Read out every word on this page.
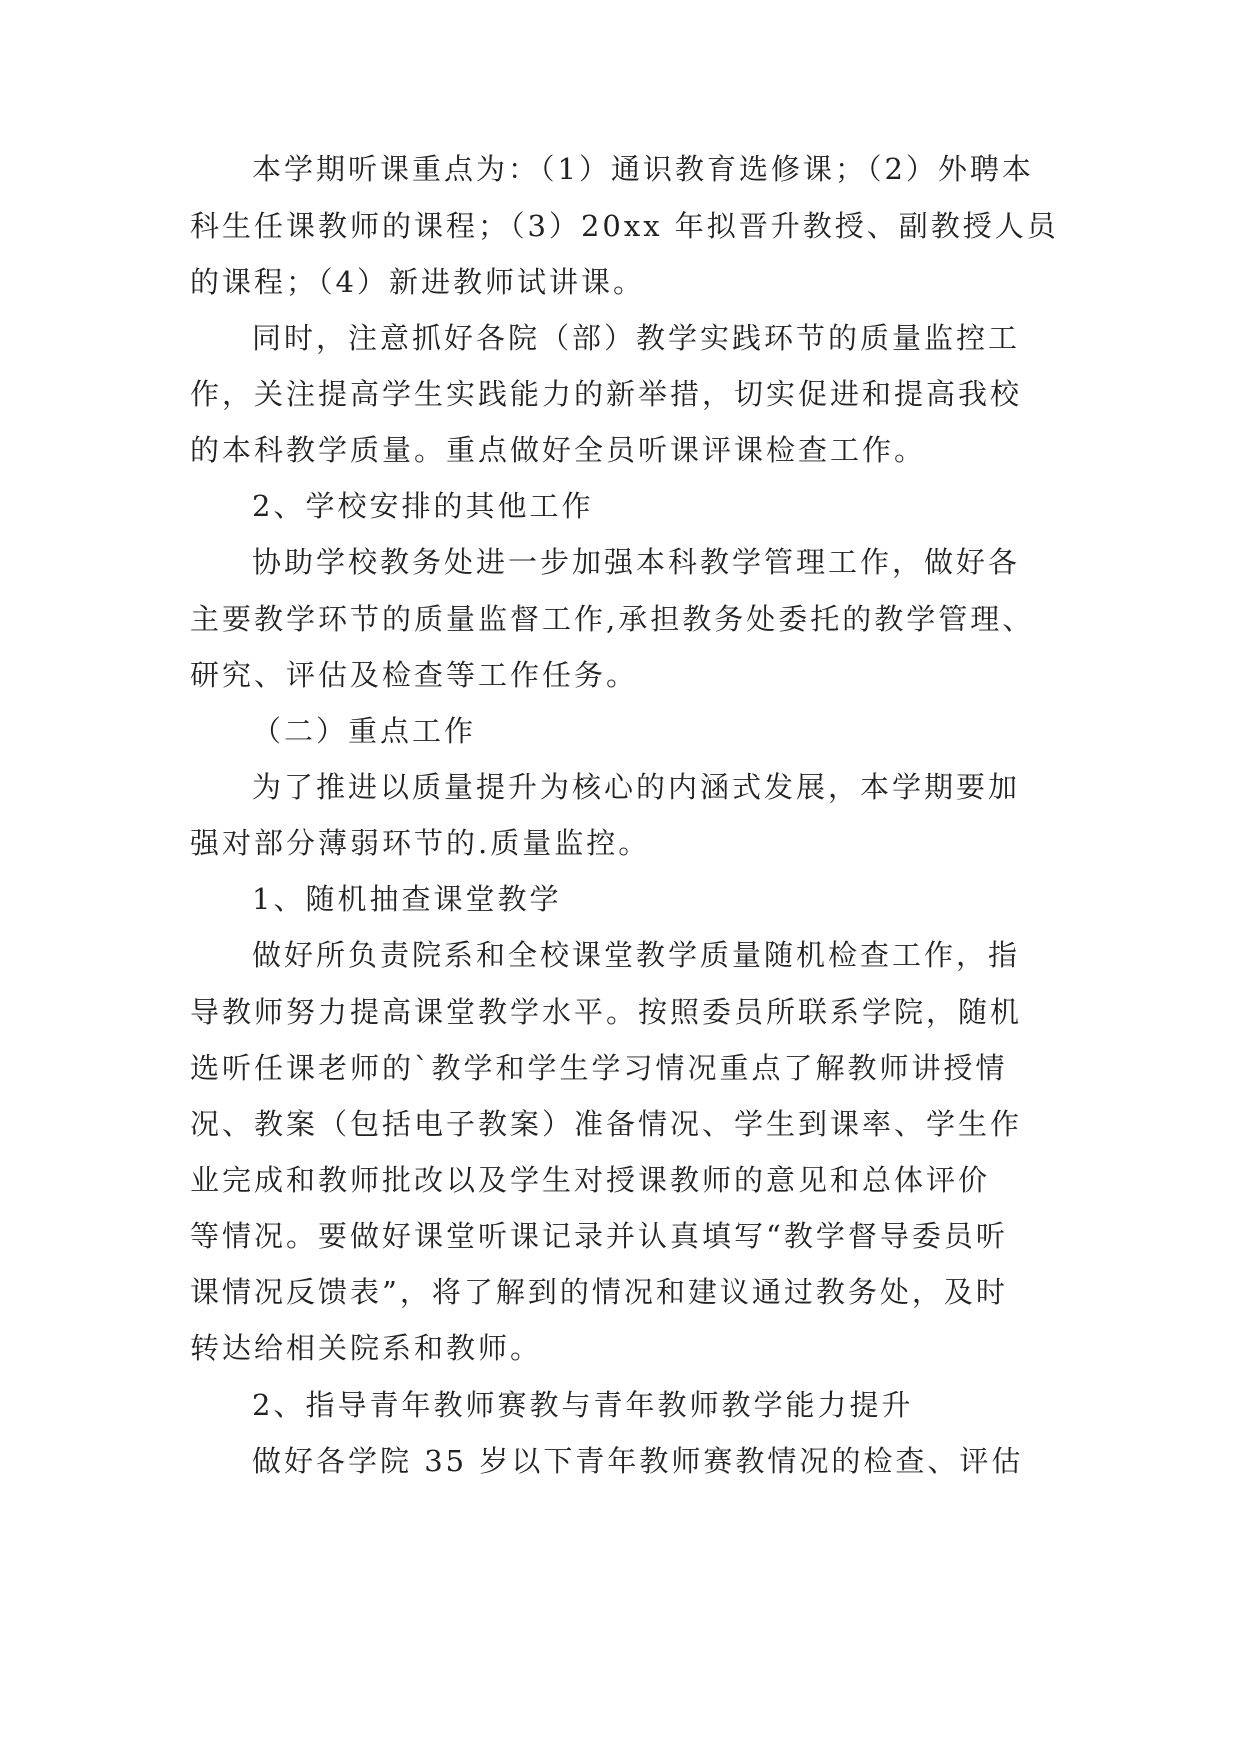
本学期听课重点为：（1）通识教育选修课；（2）外聘本

科生任课教师的课程；（3）20xx 年拟晋升教授、副教授人员

的课程；（4）新进教师试讲课。

同时，注意抓好各院（部）教学实践环节的质量监控工

作，关注提高学生实践能力的新举措，切实促进和提高我校

的本科教学质量。重点做好全员听课评课检查工作。

2、学校安排的其他工作

协助学校教务处进一步加强本科教学管理工作，做好各

主要教学环节的质量监督工作,承担教务处委托的教学管理、

研究、评估及检查等工作任务。

（二）重点工作

为了推进以质量提升为核心的内涵式发展，本学期要加

强对部分薄弱环节的.质量监控。

1、随机抽查课堂教学

做好所负责院系和全校课堂教学质量随机检查工作，指

导教师努力提高课堂教学水平。按照委员所联系学院，随机

选听任课老师的`教学和学生学习情况重点了解教师讲授情

况、教案（包括电子教案）准备情况、学生到课率、学生作

业完成和教师批改以及学生对授课教师的意见和总体评价

等情况。要做好课堂听课记录并认真填写“教学督导委员听

课情况反馈表”，将了解到的情况和建议通过教务处，及时

转达给相关院系和教师。

2、指导青年教师赛教与青年教师教学能力提升

做好各学院 35 岁以下青年教师赛教情况的检查、评估
